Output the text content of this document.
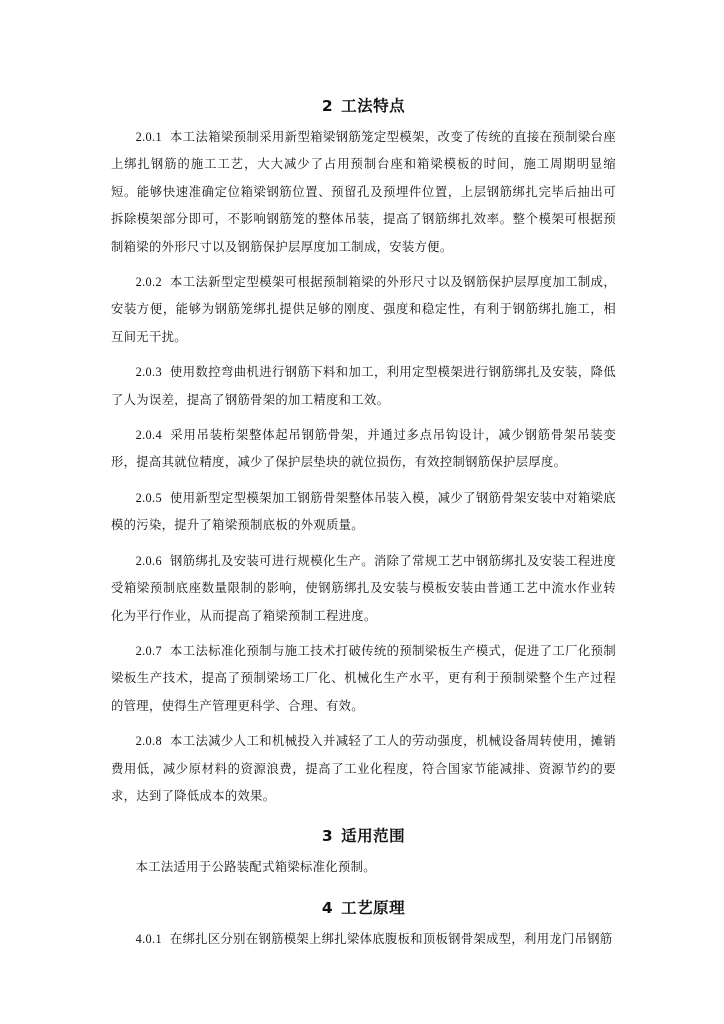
2 工法特点

2.0.1 本工法箱梁预制采用新型箱梁钢筋笼定型模架，改变了传统的直接在预制梁台座上绑扎钢筋的施工工艺，大大减少了占用预制台座和箱梁模板的时间，施工周期明显缩短。能够快速准确定位箱梁钢筋位置、预留孔及预埋件位置，上层钢筋绑扎完毕后抽出可拆除模架部分即可，不影响钢筋笼的整体吊装，提高了钢筋绑扎效率。整个模架可根据预制箱梁的外形尺寸以及钢筋保护层厚度加工制成，安装方便。

2.0.2 本工法新型定型模架可根据预制箱梁的外形尺寸以及钢筋保护层厚度加工制成，安装方便，能够为钢筋笼绑扎提供足够的刚度、强度和稳定性，有利于钢筋绑扎施工，相互间无干扰。

2.0.3 使用数控弯曲机进行钢筋下料和加工，利用定型模架进行钢筋绑扎及安装，降低了人为误差，提高了钢筋骨架的加工精度和工效。

2.0.4 采用吊装桁架整体起吊钢筋骨架，并通过多点吊钩设计，减少钢筋骨架吊装变形，提高其就位精度，减少了保护层垫块的就位损伤，有效控制钢筋保护层厚度。

2.0.5 使用新型定型模架加工钢筋骨架整体吊装入模，减少了钢筋骨架安装中对箱梁底模的污染，提升了箱梁预制底板的外观质量。

2.0.6 钢筋绑扎及安装可进行规模化生产。消除了常规工艺中钢筋绑扎及安装工程进度受箱梁预制底座数量限制的影响，使钢筋绑扎及安装与模板安装由普通工艺中流水作业转化为平行作业，从而提高了箱梁预制工程进度。

2.0.7 本工法标准化预制与施工技术打破传统的预制梁板生产模式，促进了工厂化预制梁板生产技术，提高了预制梁场工厂化、机械化生产水平，更有利于预制梁整个生产过程的管理，使得生产管理更科学、合理、有效。

2.0.8 本工法减少人工和机械投入并减轻了工人的劳动强度，机械设备周转使用，摊销费用低，减少原材料的资源浪费，提高了工业化程度，符合国家节能减排、资源节约的要求，达到了降低成本的效果。

3 适用范围

本工法适用于公路装配式箱梁标准化预制。

4 工艺原理

4.0.1 在绑扎区分别在钢筋模架上绑扎梁体底腹板和顶板钢骨架成型，利用龙门吊钢筋
